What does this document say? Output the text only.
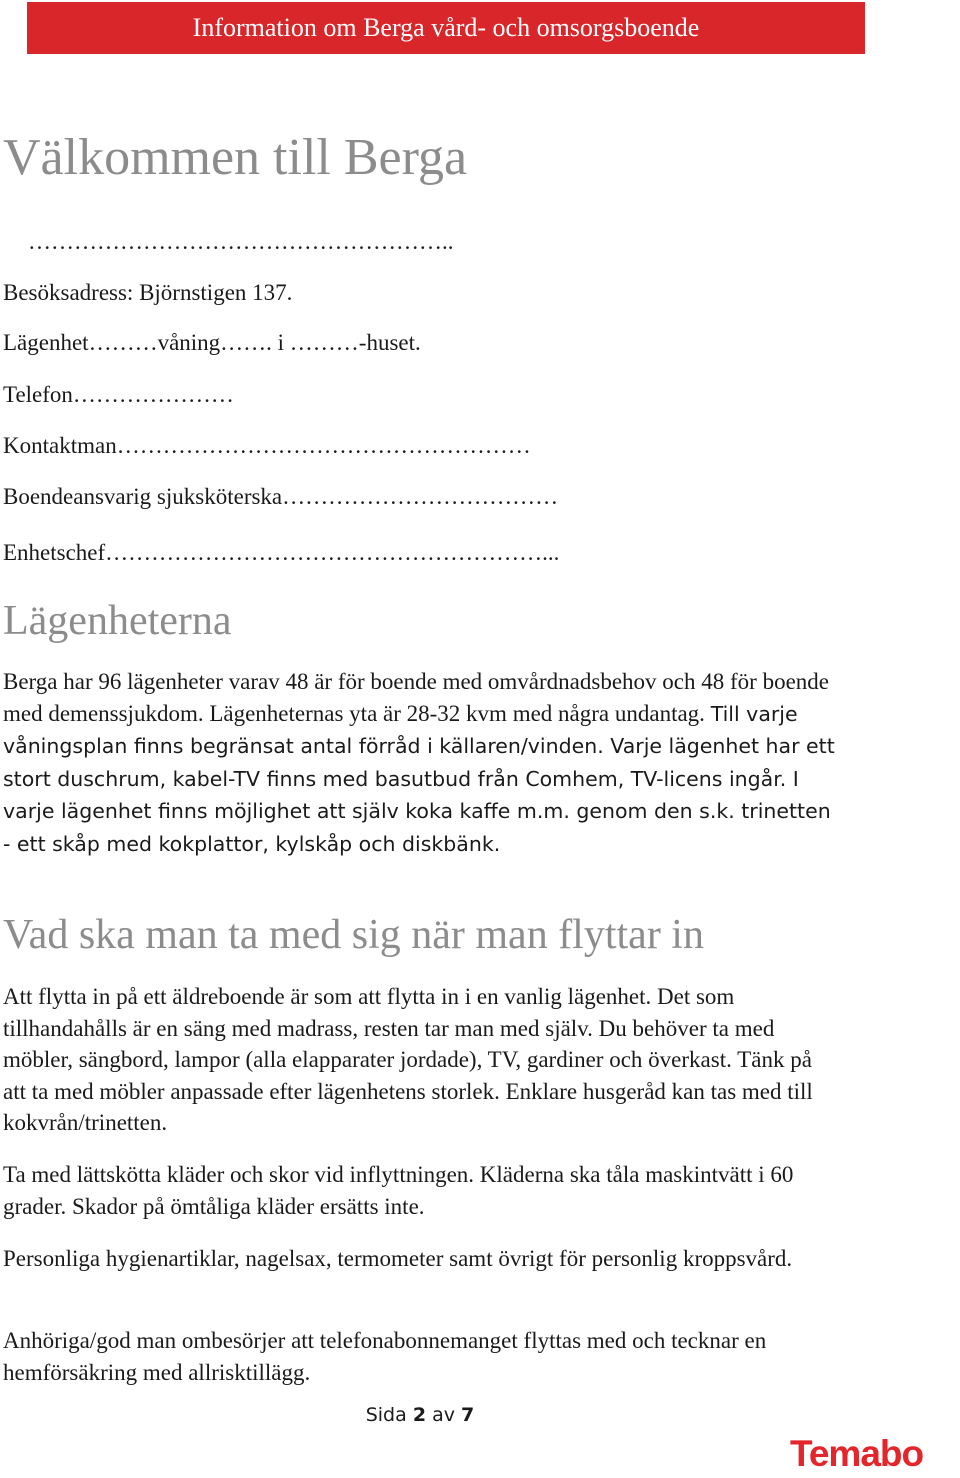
Information om Berga vård- och omsorgsboende
Välkommen till Berga
………………………………………………..
Besöksadress: Björnstigen 137.
Lägenhet………våning……. i ………-huset.
Telefon…………………
Kontaktman………………………………………………
Boendeansvarig sjuksköterska………………………………
Enhetschef…………………………………………………...
Lägenheterna

Berga har 96 lägenheter varav 48 är för boende med omvårdnadsbehov och 48 för boende med demenssjukdom. Lägenheternas yta är 28-32 kvm med några undantag. Till varje våningsplan finns begränsat antal förråd i källaren/vinden. Varje lägenhet har ett stort duschrum, kabel-TV finns med basutbud från Comhem, TV-licens ingår. I varje lägenhet finns möjlighet att själv koka kaffe m.m. genom den s.k. trinetten - ett skåp med kokplattor, kylskåp och diskbänk.

Vad ska man ta med sig när man flyttar in

Att flytta in på ett äldreboende är som att flytta in i en vanlig lägenhet. Det som tillhandahålls är en säng med madrass, resten tar man med själv. Du behöver ta med möbler, sängbord, lampor (alla elapparater jordade), TV, gardiner och överkast. Tänk på att ta med möbler anpassade efter lägenhetens storlek. Enklare husgeråd kan tas med till kokvrån/trinetten.

Ta med lättskötta kläder och skor vid inflyttningen. Kläderna ska tåla maskintvätt i 60 grader. Skador på ömtåliga kläder ersätts inte.

Personliga hygienartiklar, nagelsax, termometer samt övrigt för personlig kroppsvård.

Anhöriga/god man ombesörjer att telefonabonnemanget flyttas med och tecknar en hemförsäkring med allrisktillägg.

Sida 2 av 7
Temabo
